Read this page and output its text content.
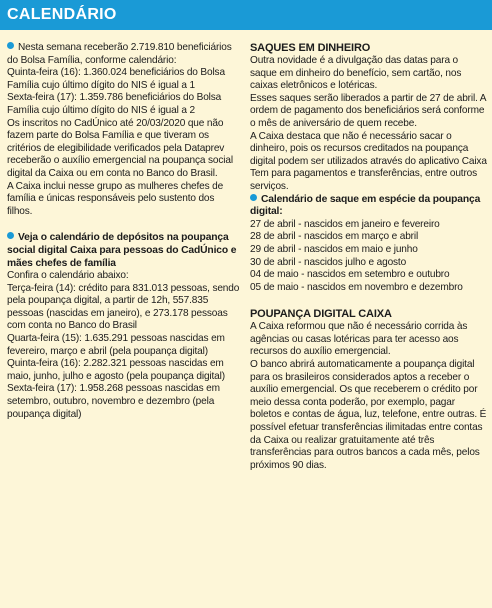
CALENDÁRIO

Nesta semana receberão 2.719.810 beneficiários do Bolsa Família, conforme calendário:

Quinta-feira (16): 1.360.024 beneficiários do Bolsa Família cujo último dígito do NIS é igual a 1

Sexta-feira (17): 1.359.786 beneficiários do Bolsa Família cujo último dígito do NIS é igual a 2

Os inscritos no CadÚnico até 20/03/2020 que não fazem parte do Bolsa Família e que tiveram os critérios de elegibilidade verificados pela Dataprev receberão o auxílio emergencial na poupança social digital da Caixa ou em conta no Banco do Brasil.

A Caixa inclui nesse grupo as mulheres chefes de família e únicas responsáveis pelo sustento dos filhos.

Veja o calendário de depósitos na poupança social digital Caixa para pessoas do CadÚnico e mães chefes de família

Confira o calendário abaixo:

Terça-feira (14): crédito para 831.013 pessoas, sendo pela poupança digital, a partir de 12h, 557.835 pessoas (nascidas em janeiro), e 273.178 pessoas com conta no Banco do Brasil

Quarta-feira (15): 1.635.291 pessoas nascidas em fevereiro, março e abril (pela poupança digital)

Quinta-feira (16): 2.282.321 pessoas nascidas em maio, junho, julho e agosto (pela poupança digital)

Sexta-feira (17): 1.958.268 pessoas nascidas em setembro, outubro, novembro e dezembro (pela poupança digital)

SAQUES EM DINHEIRO

Outra novidade é a divulgação das datas para o saque em dinheiro do benefício, sem cartão, nos caixas eletrônicos e lotéricas.

Esses saques serão liberados a partir de 27 de abril. A ordem de pagamento dos beneficiários será conforme o mês de aniversário de quem recebe.

A Caixa destaca que não é necessário sacar o dinheiro, pois os recursos creditados na poupança digital podem ser utilizados através do aplicativo Caixa Tem para pagamentos e transferências, entre outros serviços.

Calendário de saque em espécie da poupança digital:

27 de abril - nascidos em janeiro e fevereiro

28 de abril - nascidos em março e abril

29 de abril - nascidos em maio e junho

30 de abril - nascidos julho e agosto

04 de maio - nascidos em setembro e outubro

05 de maio - nascidos em novembro e dezembro

POUPANÇA DIGITAL CAIXA

A Caixa reformou que não é necessário corrida às agências ou casas lotéricas para ter acesso aos recursos do auxílio emergencial.

O banco abrirá automaticamente a poupança digital para os brasileiros considerados aptos a receber o auxílio emergencial. Os que receberem o crédito por meio dessa conta poderão, por exemplo, pagar boletos e contas de água, luz, telefone, entre outras. É possível efetuar transferências ilimitadas entre contas da Caixa ou realizar gratuitamente até três transferências para outros bancos a cada mês, pelos próximos 90 dias.
